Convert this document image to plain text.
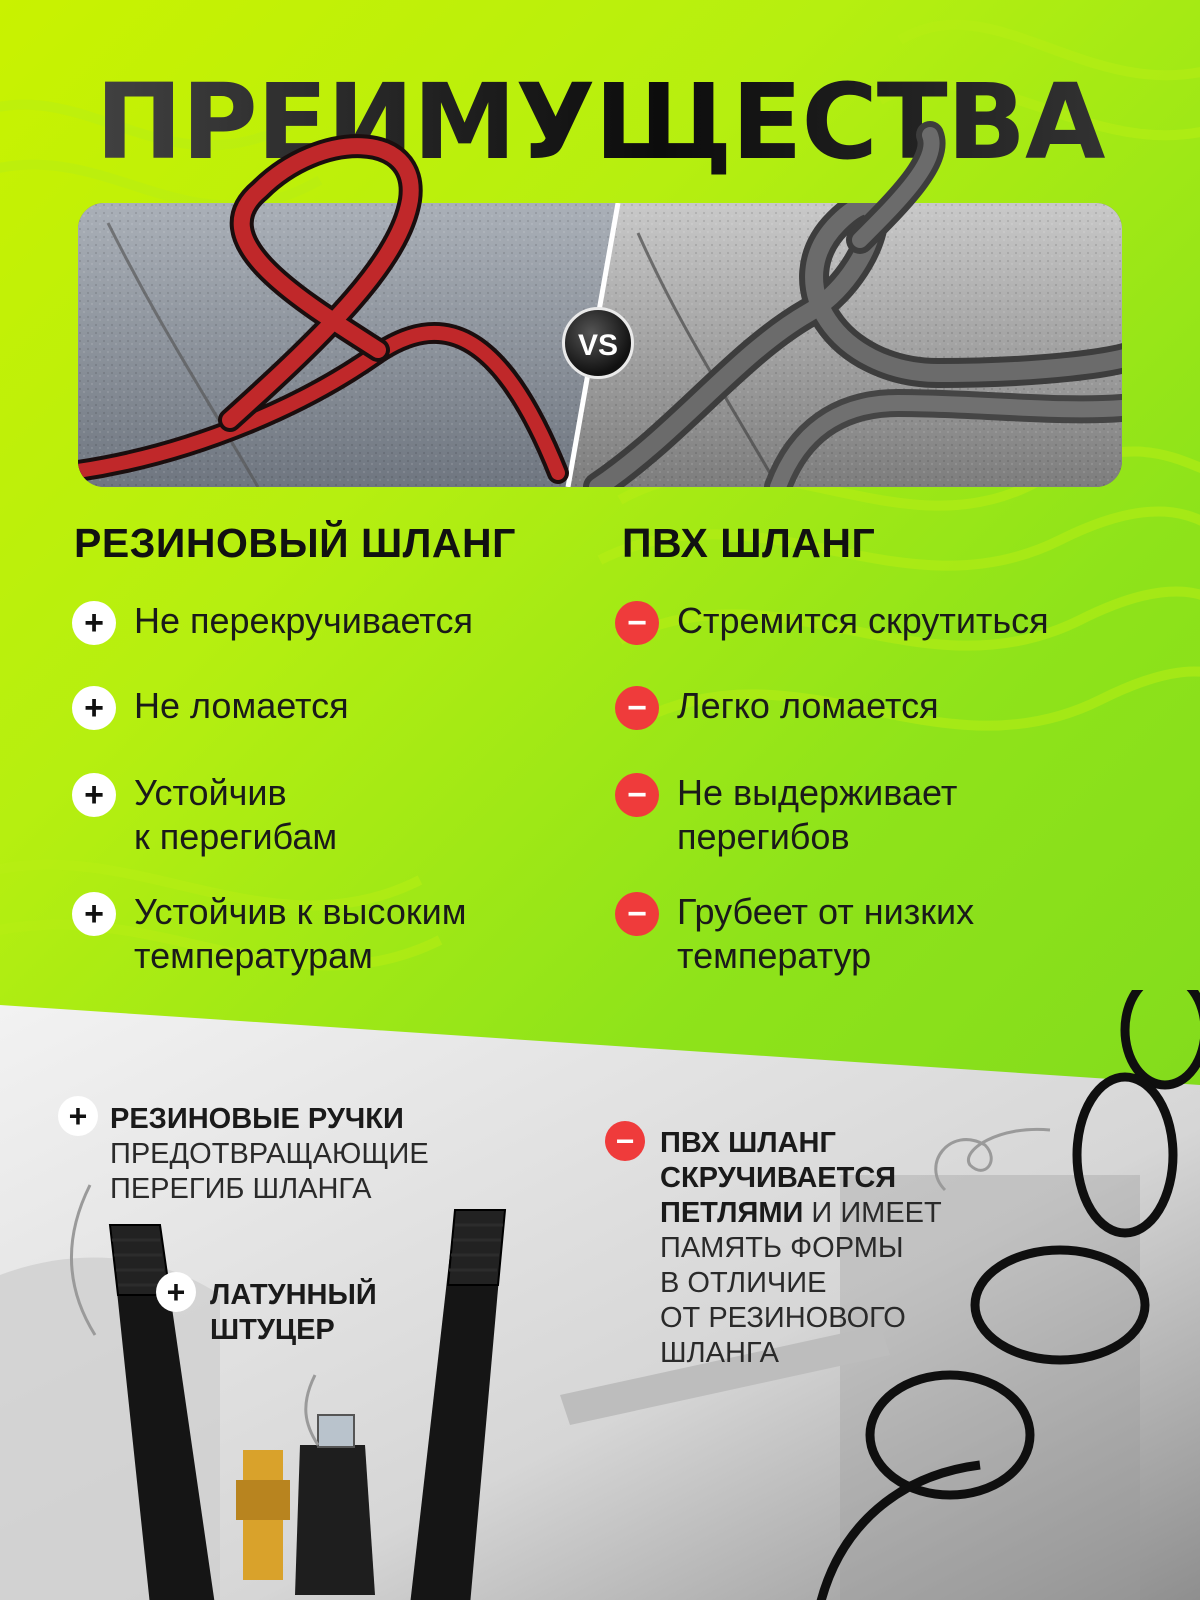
ПРЕИМУЩЕСТВА
VS
РЕЗИНОВЫЙ ШЛАНГ	ПВХ ШЛАНГ
+ Не перекручивается
+ Не ломается
+ Устойчив
к перегибам
+ Устойчив к высоким
температурам
− Стремится скрутиться
− Легко ломается
− Не выдерживает
перегибов
− Грубеет от низких
температур
+ РЕЗИНОВЫЕ РУЧКИ
ПРЕДОТВРАЩАЮЩИЕ
ПЕРЕГИБ ШЛАНГА
+ ЛАТУННЫЙ
ШТУЦЕР
− ПВХ ШЛАНГ
СКРУЧИВАЕТСЯ
ПЕТЛЯМИ И ИМЕЕТ
ПАМЯТЬ ФОРМЫ
В ОТЛИЧИЕ
ОТ РЕЗИНОВОГО
ШЛАНГА
